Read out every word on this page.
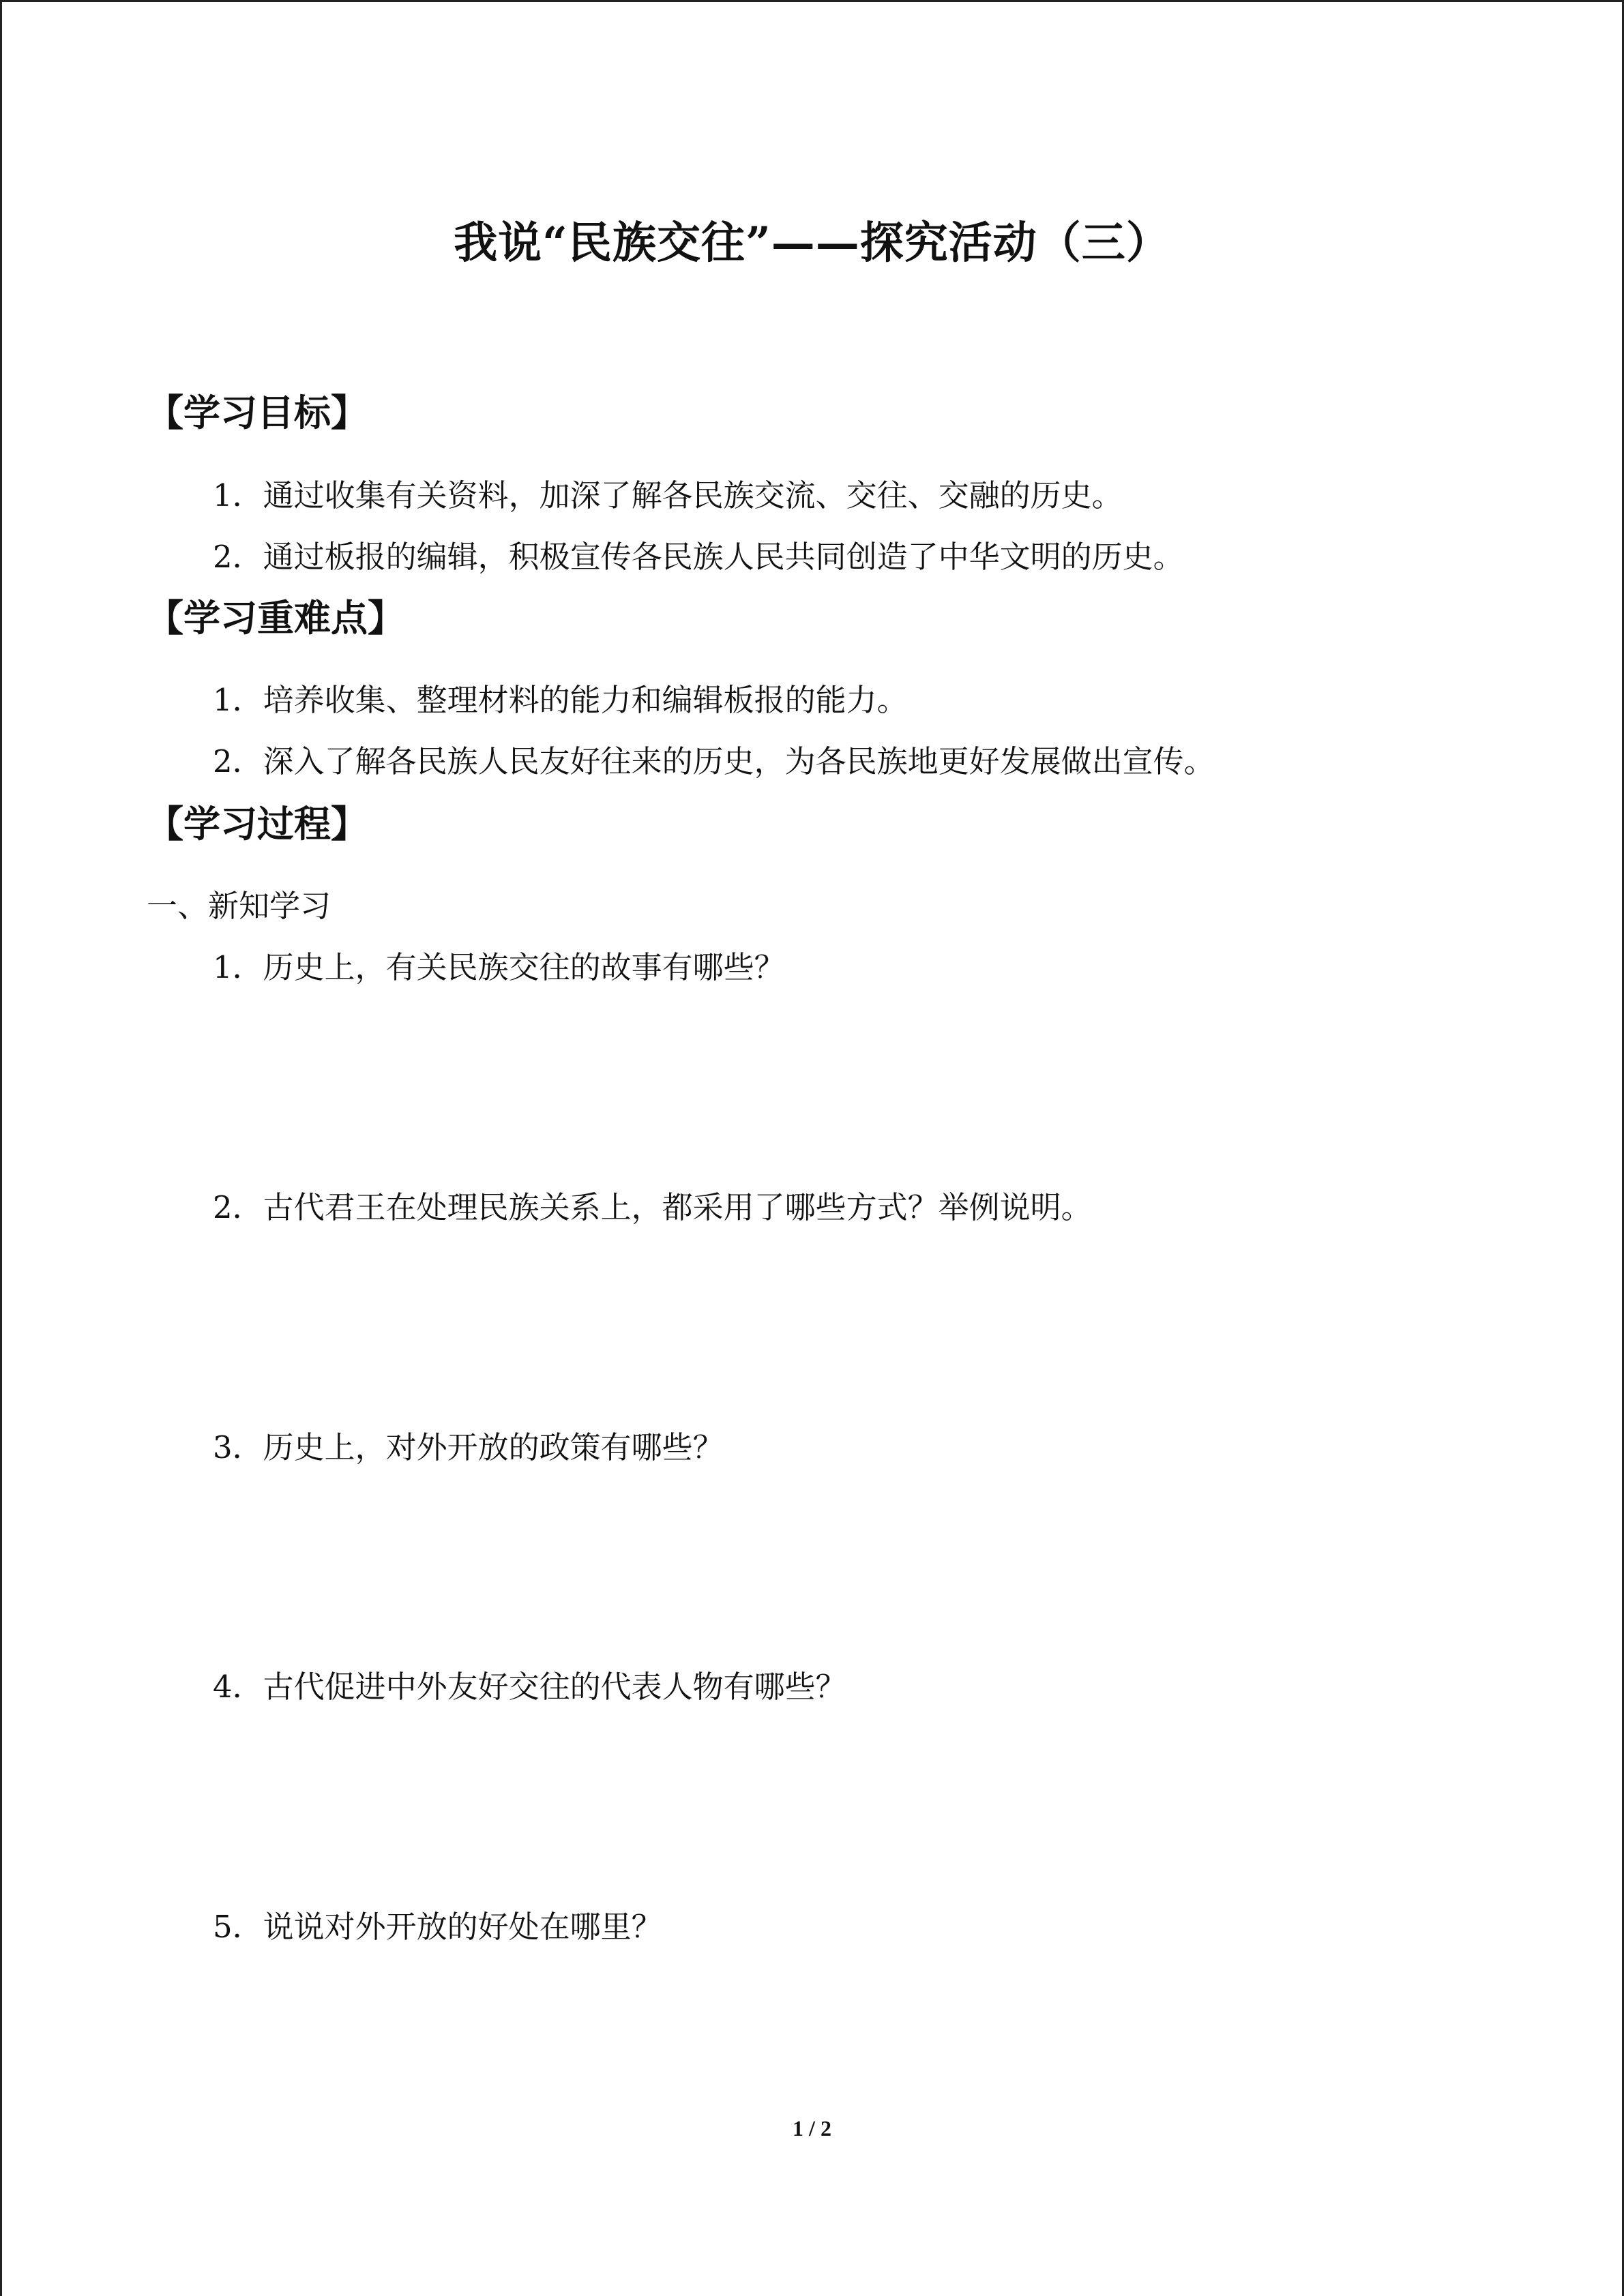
我说“民族交往”——探究活动（三）
【学习目标】
1．通过收集有关资料，加深了解各民族交流、交往、交融的历史。
2．通过板报的编辑，积极宣传各民族人民共同创造了中华文明的历史。
【学习重难点】
1．培养收集、整理材料的能力和编辑板报的能力。
2．深入了解各民族人民友好往来的历史，为各民族地更好发展做出宣传。
【学习过程】
一、新知学习
1．历史上，有关民族交往的故事有哪些？
2．古代君王在处理民族关系上，都采用了哪些方式？举例说明。
3．历史上，对外开放的政策有哪些？
4．古代促进中外友好交往的代表人物有哪些？
5．说说对外开放的好处在哪里？
1 / 2
